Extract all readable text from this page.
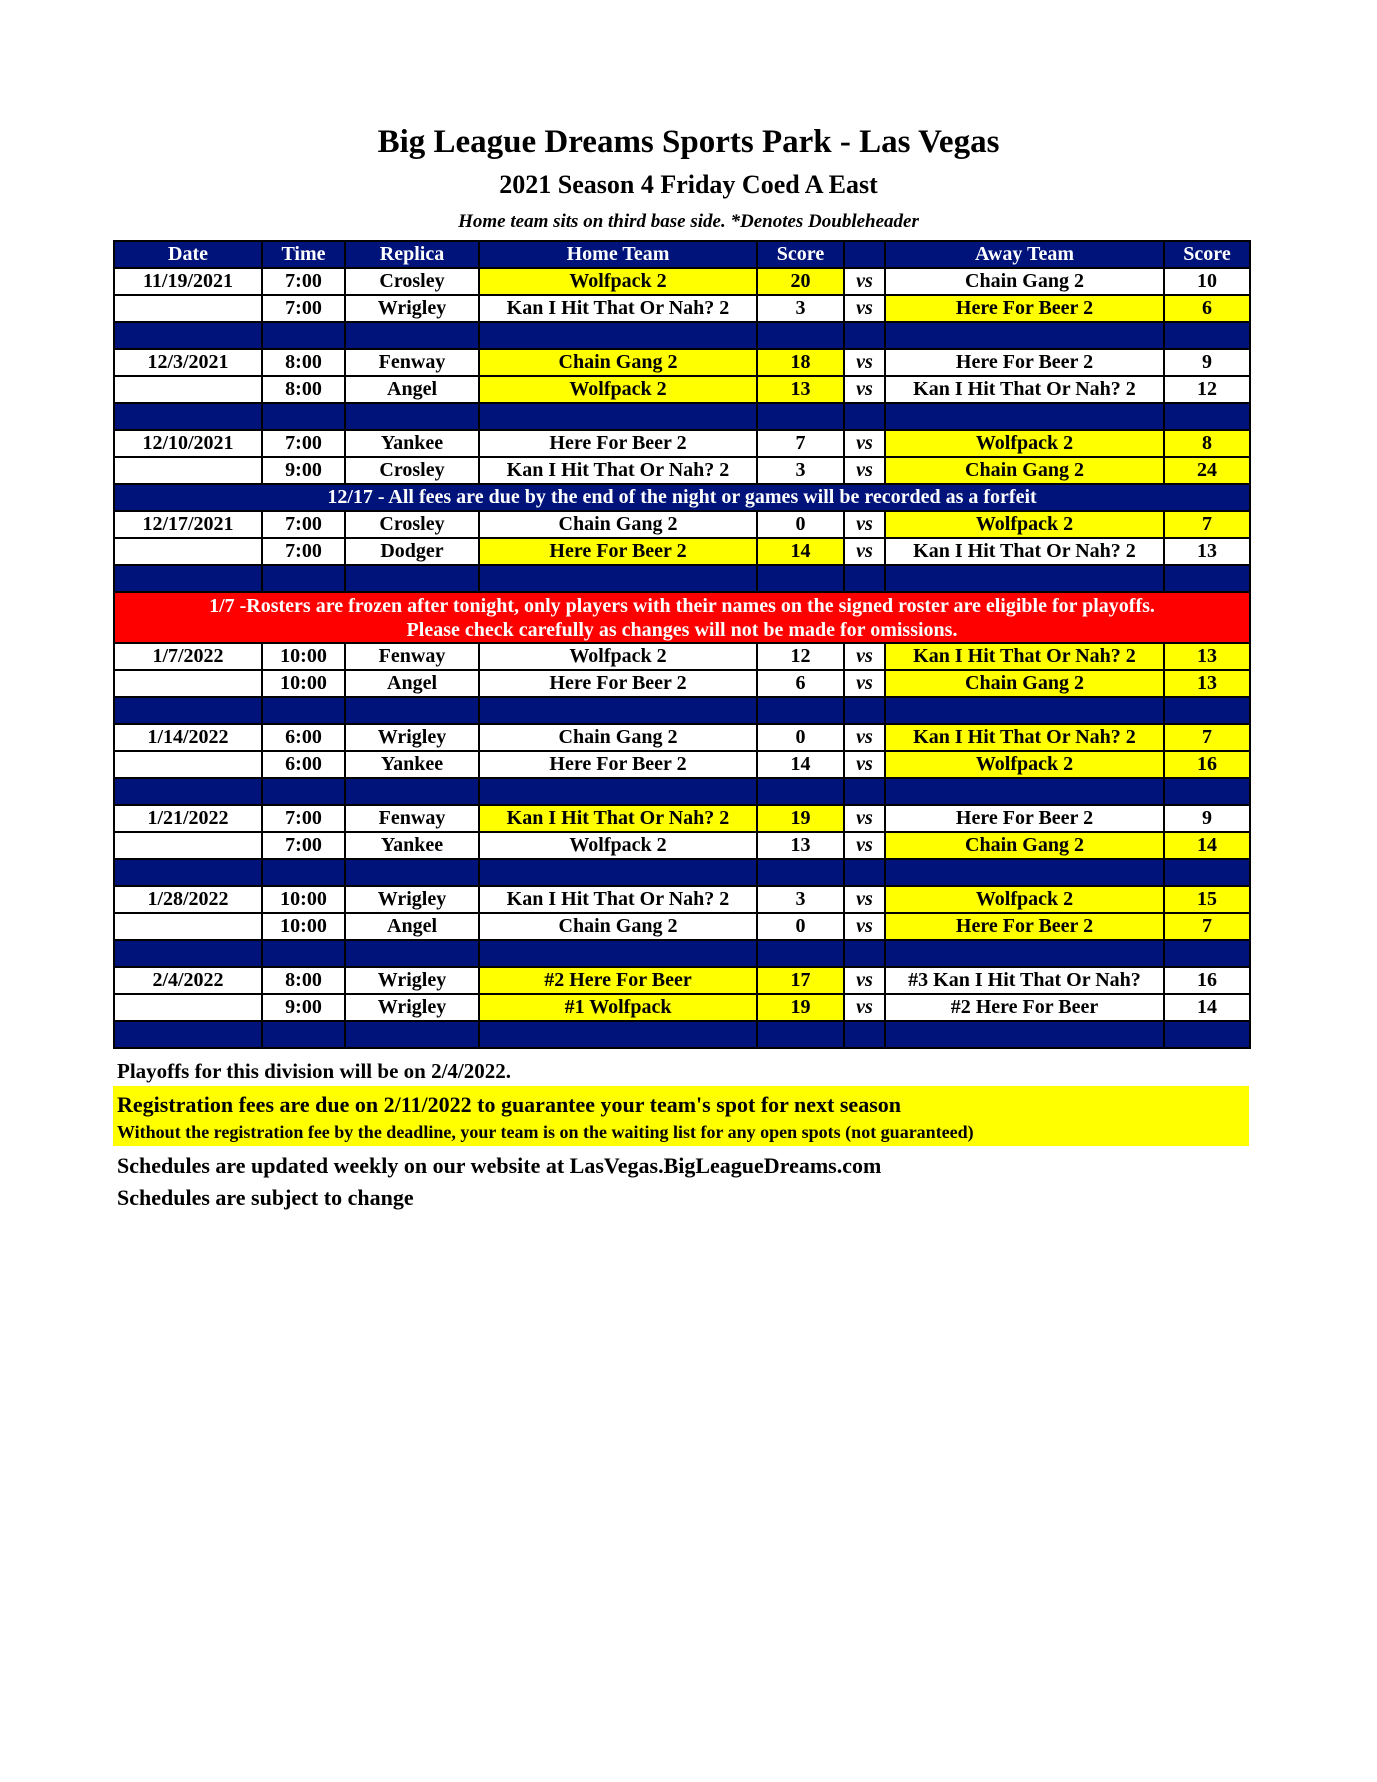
Big League Dreams Sports Park - Las Vegas
2021 Season 4 Friday Coed A East
Home team sits on third base side. *Denotes Doubleheader
Date	Time	Replica	Home Team	Score		Away Team	Score
11/19/2021	7:00	Crosley	Wolfpack 2	20	vs	Chain Gang 2	10
	7:00	Wrigley	Kan I Hit That Or Nah? 2	3	vs	Here For Beer 2	6

12/3/2021	8:00	Fenway	Chain Gang 2	18	vs	Here For Beer 2	9
	8:00	Angel	Wolfpack 2	13	vs	Kan I Hit That Or Nah? 2	12

12/10/2021	7:00	Yankee	Here For Beer 2	7	vs	Wolfpack 2	8
	9:00	Crosley	Kan I Hit That Or Nah? 2	3	vs	Chain Gang 2	24
12/17 - All fees are due by the end of the night or games will be recorded as a forfeit							
12/17/2021	7:00	Crosley	Chain Gang 2	0	vs	Wolfpack 2	7
	7:00	Dodger	Here For Beer 2	14	vs	Kan I Hit That Or Nah? 2	13

1/7 -Rosters are frozen after tonight, only players with their names on the signed roster are eligible for playoffs.
Please check carefully as changes will not be made for omissions.							

1/7/2022	10:00	Fenway	Wolfpack 2	12	vs	Kan I Hit That Or Nah? 2	13
	10:00	Angel	Here For Beer 2	6	vs	Chain Gang 2	13

1/14/2022	6:00	Wrigley	Chain Gang 2	0	vs	Kan I Hit That Or Nah? 2	7
	6:00	Yankee	Here For Beer 2	14	vs	Wolfpack 2	16

1/21/2022	7:00	Fenway	Kan I Hit That Or Nah? 2	19	vs	Here For Beer 2	9
	7:00	Yankee	Wolfpack 2	13	vs	Chain Gang 2	14

1/28/2022	10:00	Wrigley	Kan I Hit That Or Nah? 2	3	vs	Wolfpack 2	15
	10:00	Angel	Chain Gang 2	0	vs	Here For Beer 2	7

2/4/2022	8:00	Wrigley	#2 Here For Beer	17	vs	#3 Kan I Hit That Or Nah?	16
	9:00	Wrigley	#1 Wolfpack	19	vs	#2 Here For Beer	14

Playoffs for this division will be on 2/4/2022.
Registration fees are due on 2/11/2022 to guarantee your team's spot for next season
Without the registration fee by the deadline, your team is on the waiting list for any open spots (not guaranteed)
Schedules are updated weekly on our website at LasVegas.BigLeagueDreams.com
Schedules are subject to change
